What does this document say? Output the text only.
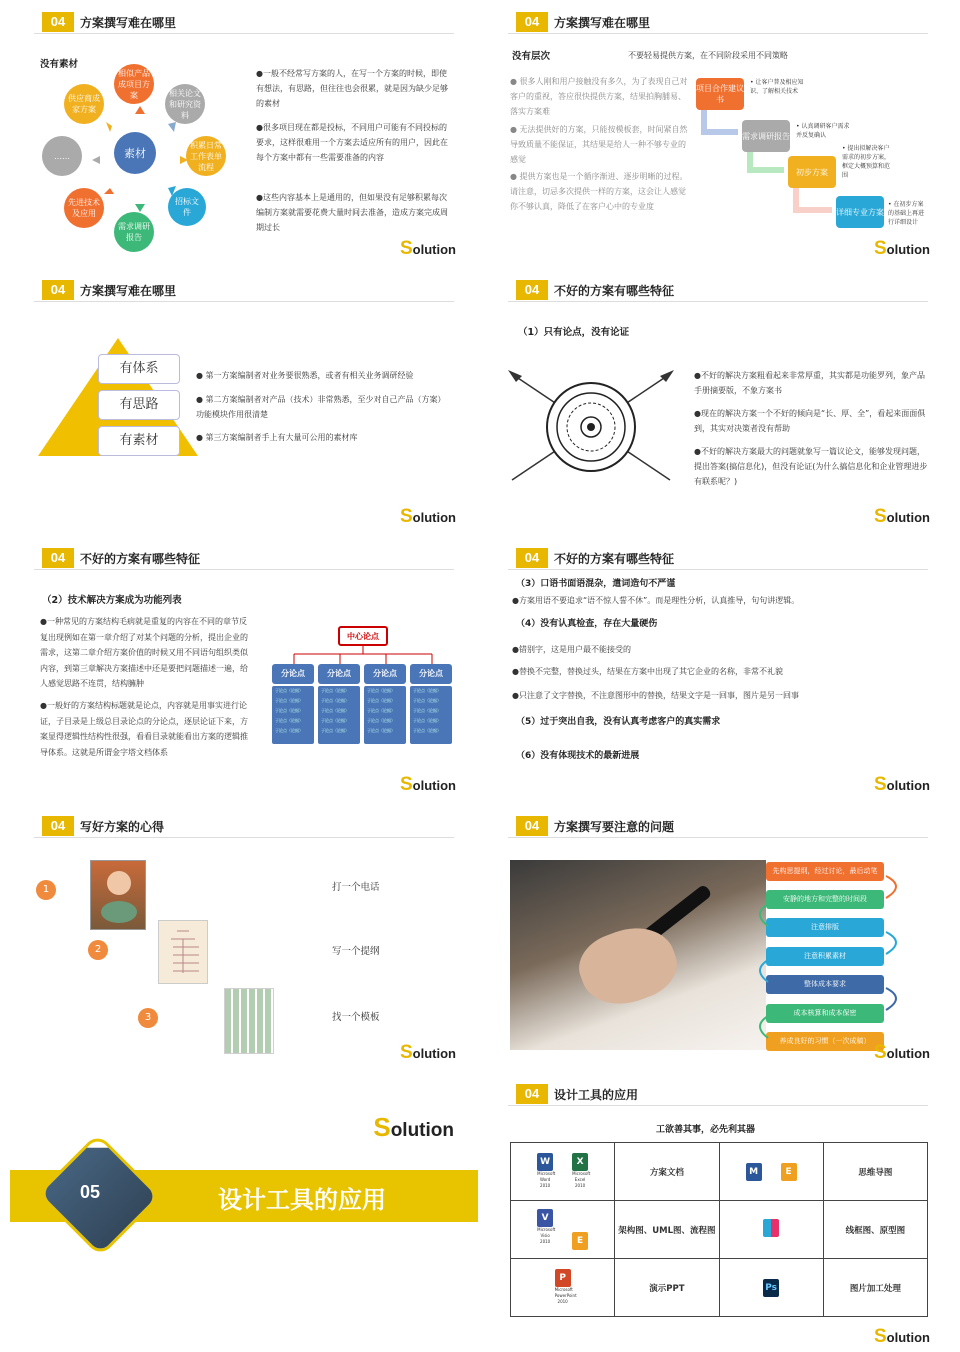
04	方案撰写难在哪里
没有素材
素材
相似产品成项目方案	相关论文和研究资料
积累日常工作表单流程
招标文件
需求调研报告
先进技术及应用
供应商成家方案
……
●一般不经常写方案的人，在写一个方案的时候，即使有想法，有思路，但往往也会很累，就是因为缺少足够的素材
●很多项目现在都是投标，不同用户可能有不同投标的要求，这样很难用一个方案去适应所有的用户，因此在每个方案中都有一些需要准备的内容
●这些内容基本上是通用的，但如果没有足够积累每次编制方案就需要花费大量时间去准备，造成方案完成周期过长
Solution
04	方案撰写难在哪里
没有层次	不要轻易提供方案，在不同阶段采用不同策略
● 很多人刚和用户接触没有多久，为了表现自己对客户的重视，答应很快提供方案，结果拍胸脯易、落实方案难
● 无法提供好的方案，只能按模板套，时间紧自然导致质量不能保证，其结果是给人一种不够专业的感觉
● 提供方案也是一个循序渐进、逐步明晰的过程。请注意，切忌多次提供一样的方案，这会让人感觉你不够认真，降低了在客户心中的专业度
项目合作建议书
需求调研报告
初步方案
详细专业方案
• 让客户普及相应知识、了解相关技术
• 认真调研客户需求并反复确认
• 提出拟解决客户需求的初步方案，框定大概预算和范围
• 在初步方案的基础上再进行详细设计
Solution
04	方案撰写难在哪里
有体系
有思路
有素材
● 第一方案编制者对业务要很熟悉，或者有相关业务调研经验
● 第二方案编制者对产品（技术）非常熟悉，至少对自己产品（方案）功能模块作用很清楚
● 第三方案编制者手上有大量可公用的素材库
Solution
04	不好的方案有哪些特征
（1）只有论点，没有论证
●不好的解决方案粗看起来非常厚重，其实都是功能罗列，象产品手册摘要版，不象方案书
●现在的解决方案一个不好的倾向是“长、厚、全”，看起来面面俱到，其实对决策者没有帮助
●不好的解决方案最大的问题就象写一篇议论文，能够发现问题，提出答案(搞信息化)，但没有论证(为什么搞信息化和企业管理进步有联系呢？)
Solution
04	不好的方案有哪些特征
（2）技术解决方案成为功能列表
●一种常见的方案结构毛病就是重复的内容在不同的章节反复出现例如在第一章介绍了对某个问题的分析，提出企业的需求，这第二章介绍方案价值的时候又用不同语句组织类似内容，到第三章解决方案描述中还是要把问题描述一遍，给人感觉思路不连贯，结构臃肿
●一般好的方案结构标题就是论点，内容就是用事实进行论证，子目录是上级总目录论点的分论点，逐层论证下来，方案显得逻辑性结构性很强，看看目录就能看出方案的逻辑推导体系。这就是所谓金字塔文档体系
中心论点
分论点	分论点	分论点	分论点
子论点（论据）
子论点（论据）
子论点（论据）
子论点（论据）
子论点（论据）
子论点（论据）
子论点（论据）
子论点（论据）
子论点（论据）
子论点（论据）
子论点（论据）
子论点（论据）
子论点（论据）
子论点（论据）
子论点（论据）
子论点（论据）
子论点（论据）
子论点（论据）
子论点（论据）
子论点（论据）
Solution
04	不好的方案有哪些特征
（3）口语书面语混杂，遣词造句不严谨
●方案用语不要追求“语不惊人誓不休”。而是理性分析，认真推导，句句讲逻辑。
（4）没有认真检查，存在大量硬伤
●错别字，这是用户最不能接受的
●替换不完整，替换过头，结果在方案中出现了其它企业的名称，非常不礼貌
●只注意了文字替换，不注意图形中的替换，结果文字是一回事，图片是另一回事
（5）过于突出自我，没有认真考虑客户的真实需求
（6）没有体现技术的最新进展
Solution
04	写好方案的心得
1	打一个电话
2	写一个提纲
3	找一个模板
Solution
04	方案撰写要注意的问题
先构思提纲，经过讨论，最后动笔
安静的地方和完整的时间段
注意排版
注意积累素材
整体成本要求
成本核算和成本保密
养成良好的习惯（一次成稿）
Solution
Solution
05	设计工具的应用
04	设计工具的应用
工欲善其事，必先利其器
W
Microsoft Word 2010
X
Microsoft Excel 2010	方案文档	M E	思维导图
V
Microsoft Visio 2010 E	架构图、UML图、流程图		线框图、原型图
P
Microsoft PowerPoint 2010	演示PPT	Ps	图片加工处理
Solution
